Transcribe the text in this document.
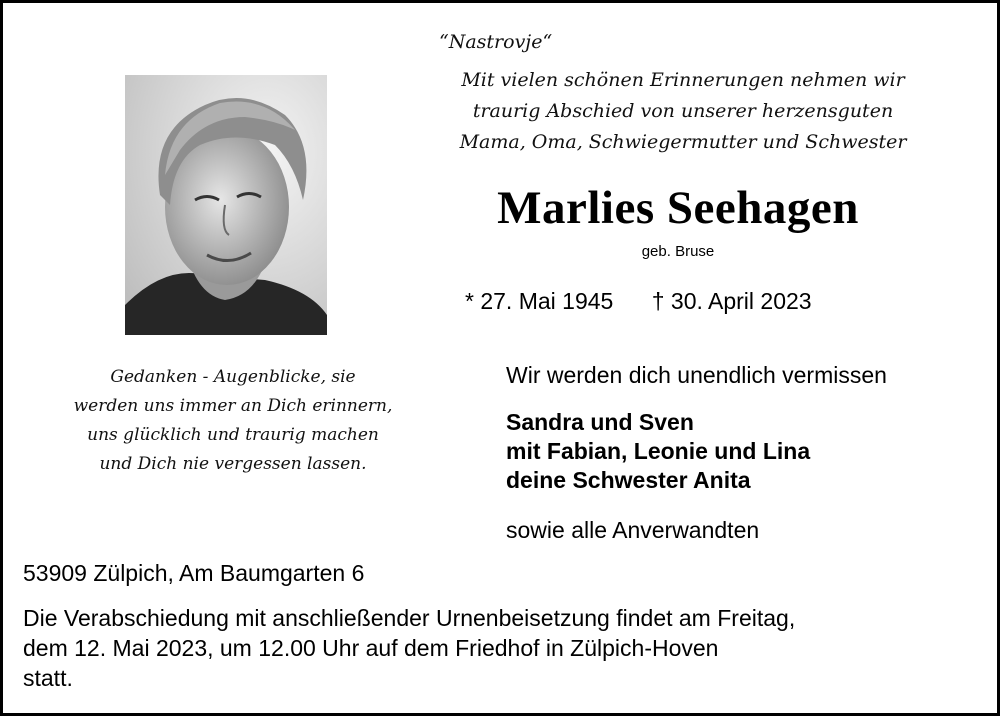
“Nastrovje“
Mit vielen schönen Erinnerungen nehmen wir
traurig Abschied von unserer herzensguten
Mama, Oma, Schwiegermutter und Schwester
Marlies Seehagen
geb. Bruse
* 27. Mai 1945 † 30. April 2023
Gedanken - Augenblicke, sie
werden uns immer an Dich erinnern,
uns glücklich und traurig machen
und Dich nie vergessen lassen.
Wir werden dich unendlich vermissen
Sandra und Sven
mit Fabian, Leonie und Lina
deine Schwester Anita
sowie alle Anverwandten
53909 Zülpich, Am Baumgarten 6
Die Verabschiedung mit anschließender Urnenbeisetzung findet am Freitag,
dem 12. Mai 2023, um 12.00 Uhr auf dem Friedhof in Zülpich-Hoven
statt.
